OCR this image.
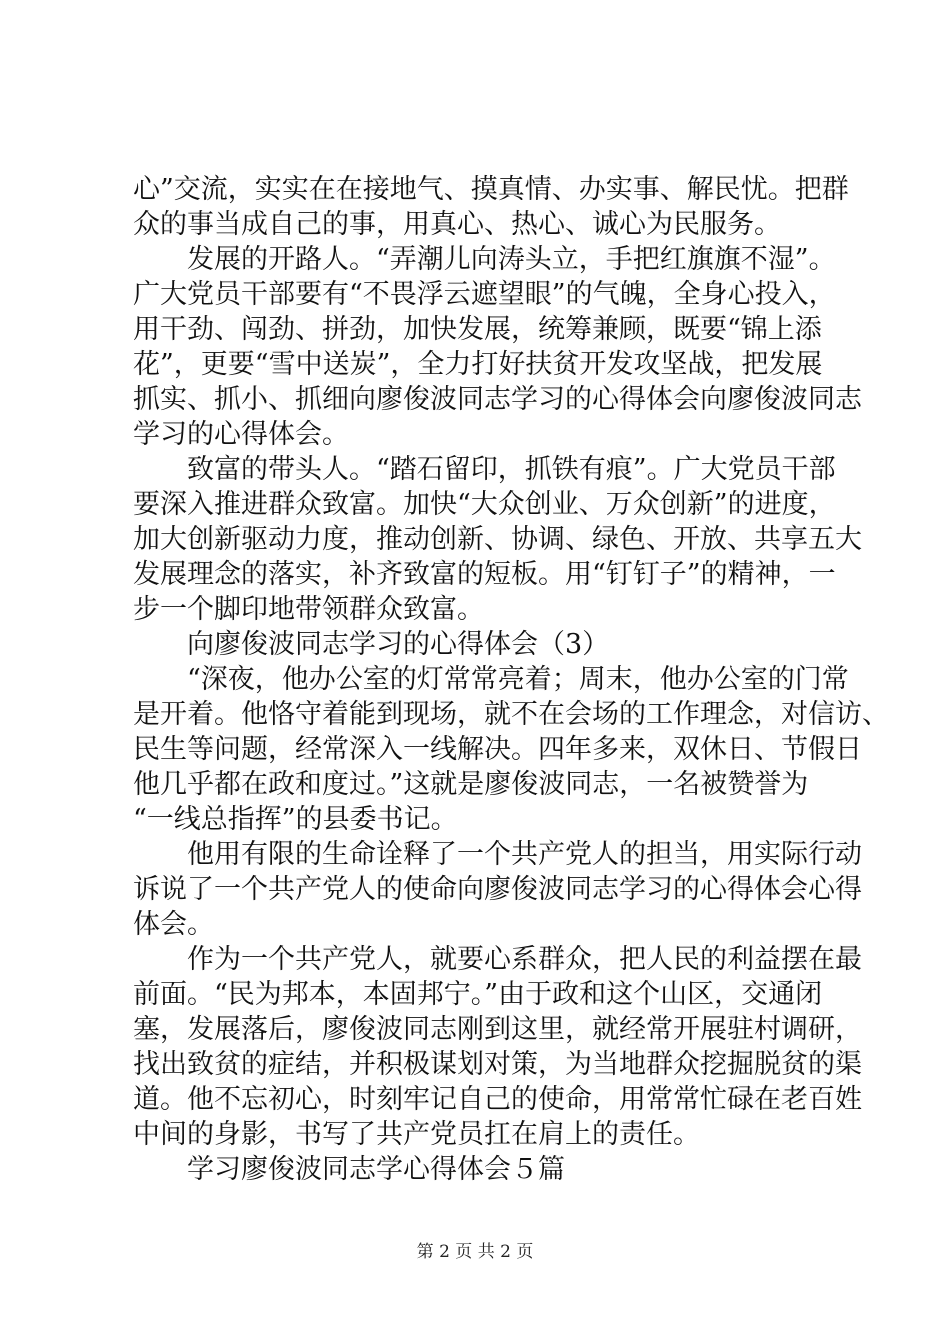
心”交流，实实在在接地气、摸真情、办实事、解民忧。把群
众的事当成自己的事，用真心、热心、诚心为民服务。
　　发展的开路人。“弄潮儿向涛头立，手把红旗旗不湿”。
广大党员干部要有“不畏浮云遮望眼”的气魄，全身心投入，
用干劲、闯劲、拼劲，加快发展，统筹兼顾，既要“锦上添
花”，更要“雪中送炭”，全力打好扶贫开发攻坚战，把发展
抓实、抓小、抓细向廖俊波同志学习的心得体会向廖俊波同志
学习的心得体会。
　　致富的带头人。“踏石留印，抓铁有痕”。广大党员干部
要深入推进群众致富。加快“大众创业、万众创新”的进度，
加大创新驱动力度，推动创新、协调、绿色、开放、共享五大
发展理念的落实，补齐致富的短板。用“钉钉子”的精神，一
步一个脚印地带领群众致富。
　　向廖俊波同志学习的心得体会（3）
　　“深夜，他办公室的灯常常亮着；周末，他办公室的门常
是开着。他恪守着能到现场，就不在会场的工作理念，对信访、
民生等问题，经常深入一线解决。四年多来，双休日、节假日
他几乎都在政和度过。”这就是廖俊波同志，一名被赞誉为
“一线总指挥”的县委书记。
　　他用有限的生命诠释了一个共产党人的担当，用实际行动
诉说了一个共产党人的使命向廖俊波同志学习的心得体会心得
体会。
　　作为一个共产党人，就要心系群众，把人民的利益摆在最
前面。“民为邦本，本固邦宁。”由于政和这个山区，交通闭
塞，发展落后，廖俊波同志刚到这里，就经常开展驻村调研，
找出致贫的症结，并积极谋划对策，为当地群众挖掘脱贫的渠
道。他不忘初心，时刻牢记自己的使命，用常常忙碌在老百姓
中间的身影，书写了共产党员扛在肩上的责任。
　　学习廖俊波同志学心得体会５篇
第 2 页 共 2 页
